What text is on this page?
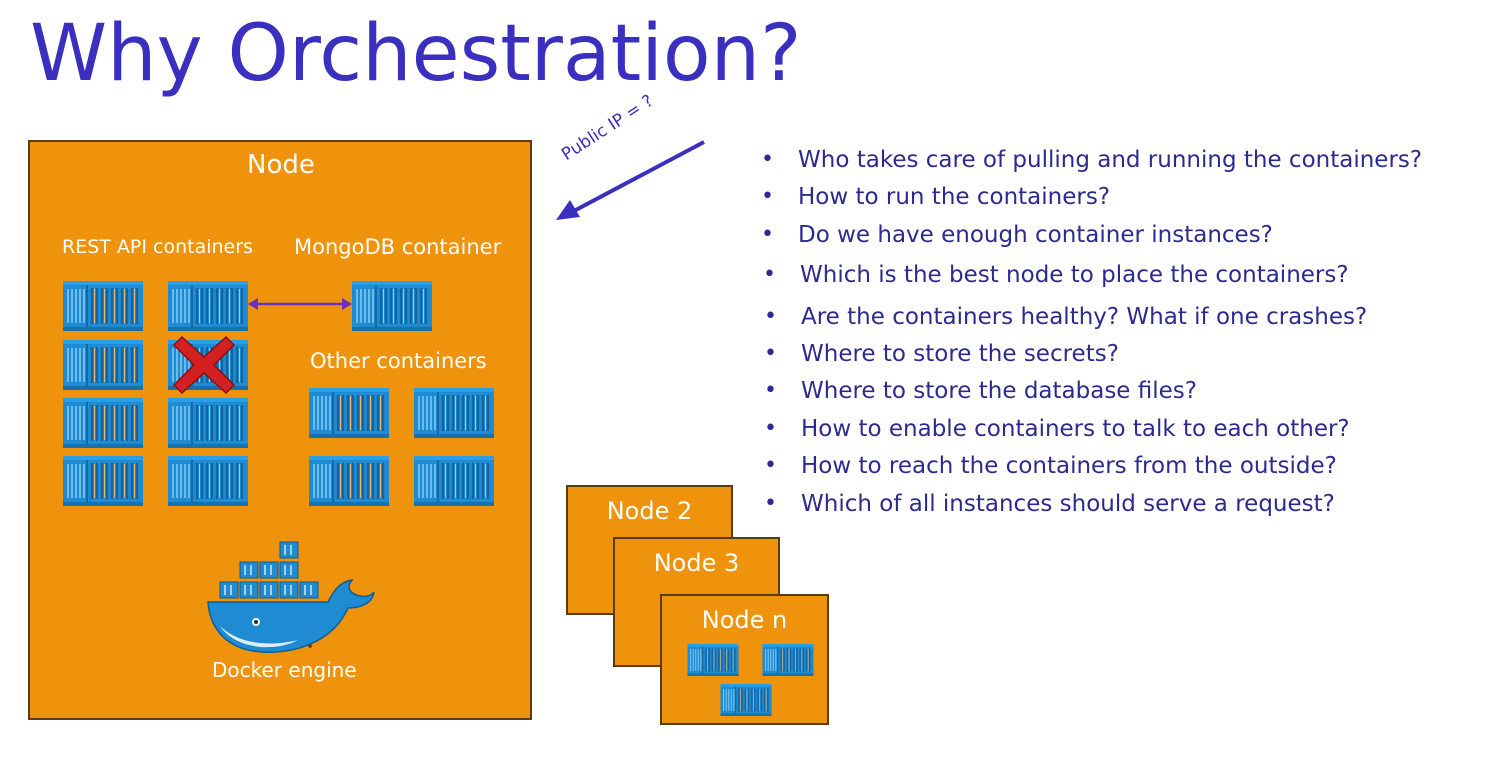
Why Orchestration?
Node
REST API containers MongoDB container
Other containers
Docker engine
Public IP = ?	• Who takes care of pulling and running the containers?
• How to run the containers?
• Do we have enough container instances?
• Which is the best node to place the containers?
• Are the containers healthy? What if one crashes?
• Where to store the secrets?
• Where to store the database files?
• How to enable containers to talk to each other?
• How to reach the containers from the outside?
• Which of all instances should serve a request?
Node 2
Node 3
Node n
